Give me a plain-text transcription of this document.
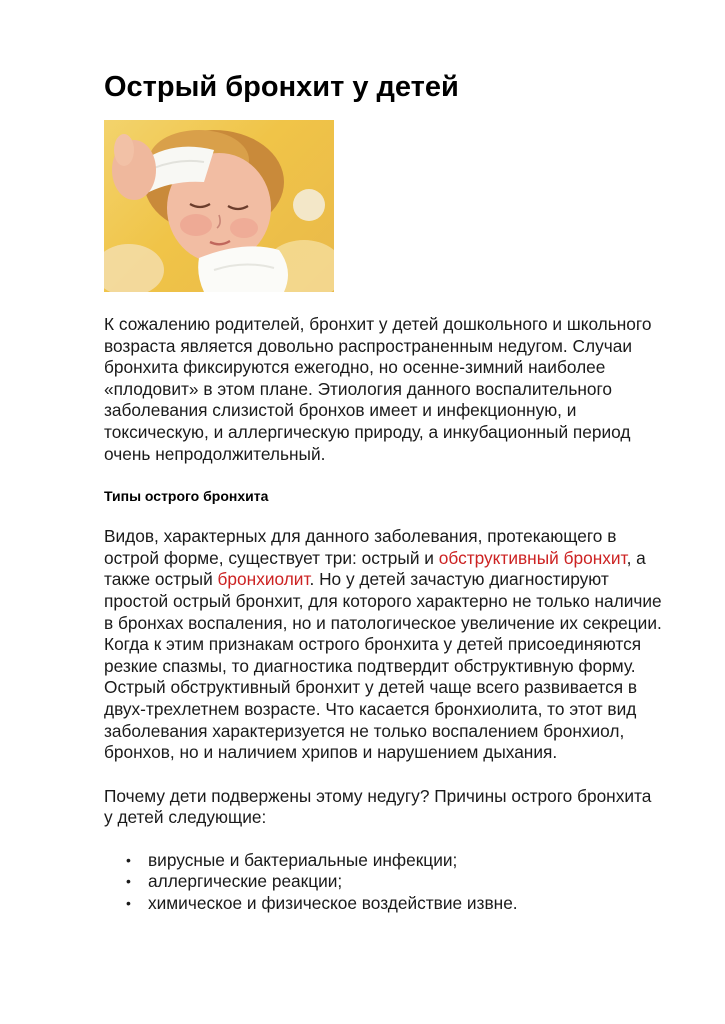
Острый бронхит у детей

К сожалению родителей, бронхит у детей дошкольного и школьного возраста является довольно распространенным недугом. Случаи бронхита фиксируются ежегодно, но осенне-зимний наиболее «плодовит» в этом плане. Этиология данного воспалительного заболевания слизистой бронхов имеет и инфекционную, и токсическую, и аллергическую природу, а инкубационный период очень непродолжительный.

Типы острого бронхита

Видов, характерных для данного заболевания, протекающего в острой форме, существует три: острый и обструктивный бронхит, а также острый бронхиолит. Но у детей зачастую диагностируют простой острый бронхит, для которого характерно не только наличие в бронхах воспаления, но и патологическое увеличение их секреции. Когда к этим признакам острого бронхита у детей присоединяются резкие спазмы, то диагностика подтвердит обструктивную форму. Острый обструктивный бронхит у детей чаще всего развивается в двух-трехлетнем возрасте. Что касается бронхиолита, то этот вид заболевания характеризуется не только воспалением бронхиол, бронхов, но и наличием хрипов и нарушением дыхания.

Почему дети подвержены этому недугу? Причины острого бронхита у детей следующие:

• вирусные и бактериальные инфекции;
• аллергические реакции;
• химическое и физическое воздействие извне.
